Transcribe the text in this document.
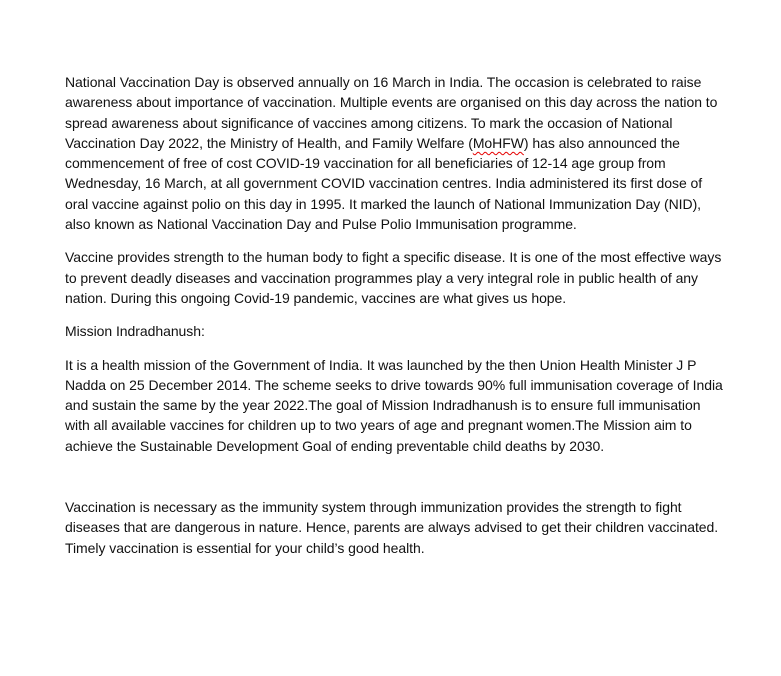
National Vaccination Day is observed annually on 16 March in India. The occasion is celebrated to raise awareness about importance of vaccination. Multiple events are organised on this day across the nation to spread awareness about significance of vaccines among citizens. To mark the occasion of National Vaccination Day 2022, the Ministry of Health, and Family Welfare (MoHFW) has also announced the commencement of free of cost COVID-19 vaccination for all beneficiaries of 12-14 age group from Wednesday, 16 March, at all government COVID vaccination centres. India administered its first dose of oral vaccine against polio on this day in 1995. It marked the launch of National Immunization Day (NID), also known as National Vaccination Day and Pulse Polio Immunisation programme.

Vaccine provides strength to the human body to fight a specific disease. It is one of the most effective ways to prevent deadly diseases and vaccination programmes play a very integral role in public health of any nation. During this ongoing Covid-19 pandemic, vaccines are what gives us hope.

Mission Indradhanush:

It is a health mission of the Government of India. It was launched by the then Union Health Minister J P Nadda on 25 December 2014. The scheme seeks to drive towards 90% full immunisation coverage of India and sustain the same by the year 2022.The goal of Mission Indradhanush is to ensure full immunisation with all available vaccines for children up to two years of age and pregnant women.The Mission aim to achieve the Sustainable Development Goal of ending preventable child deaths by 2030.

Vaccination is necessary as the immunity system through immunization provides the strength to fight diseases that are dangerous in nature. Hence, parents are always advised to get their children vaccinated. Timely vaccination is essential for your child’s good health.
